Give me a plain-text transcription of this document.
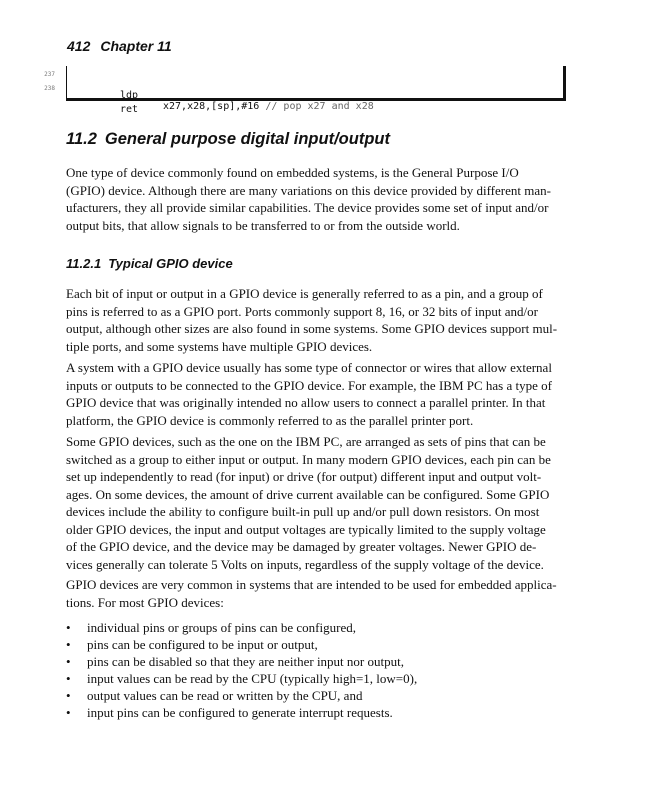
412 Chapter 11

237

ldp

x27,x28,[sp],#16 // pop x27 and x28

238

ret

11.2 General purpose digital input/output
One type of device commonly found on embedded systems, is the General Purpose I/O
(GPIO) device. Although there are many variations on this device provided by different man-
ufacturers, they all provide similar capabilities. The device provides some set of input and/or
output bits, that allow signals to be transferred to or from the outside world.
11.2.1 Typical GPIO device
Each bit of input or output in a GPIO device is generally referred to as a pin, and a group of
pins is referred to as a GPIO port. Ports commonly support 8, 16, or 32 bits of input and/or
output, although other sizes are also found in some systems. Some GPIO devices support mul-
tiple ports, and some systems have multiple GPIO devices.
A system with a GPIO device usually has some type of connector or wires that allow external
inputs or outputs to be connected to the GPIO device. For example, the IBM PC has a type of
GPIO device that was originally intended no allow users to connect a parallel printer. In that
platform, the GPIO device is commonly referred to as the parallel printer port.
Some GPIO devices, such as the one on the IBM PC, are arranged as sets of pins that can be
switched as a group to either input or output. In many modern GPIO devices, each pin can be
set up independently to read (for input) or drive (for output) different input and output volt-
ages. On some devices, the amount of drive current available can be configured. Some GPIO
devices include the ability to configure built-in pull up and/or pull down resistors. On most
older GPIO devices, the input and output voltages are typically limited to the supply voltage
of the GPIO device, and the device may be damaged by greater voltages. Newer GPIO de-
vices generally can tolerate 5 Volts on inputs, regardless of the supply voltage of the device.
GPIO devices are very common in systems that are intended to be used for embedded applica-
tions. For most GPIO devices:
• individual pins or groups of pins can be configured,
• pins can be configured to be input or output,
• pins can be disabled so that they are neither input nor output,
• input values can be read by the CPU (typically high=1, low=0),
• output values can be read or written by the CPU, and
• input pins can be configured to generate interrupt requests.
